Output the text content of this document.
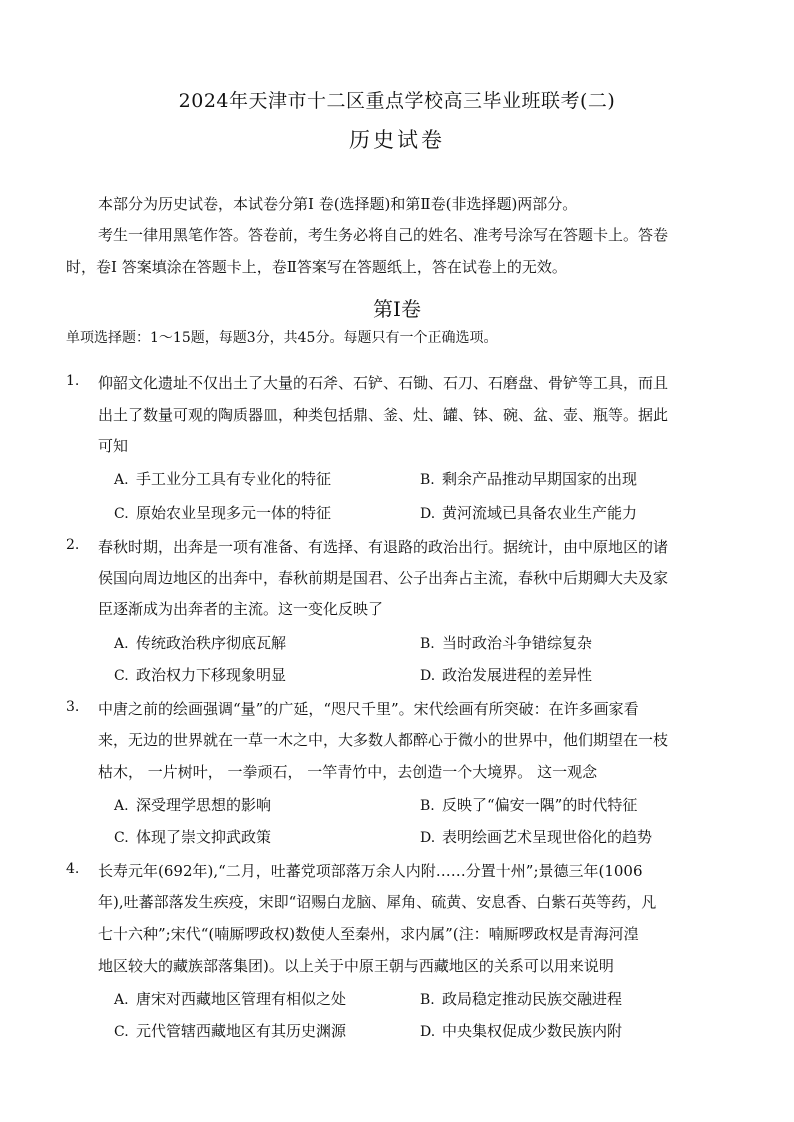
2024年天津市十二区重点学校高三毕业班联考(二)
历史试卷
本部分为历史试卷，本试卷分第Ⅰ 卷(选择题)和第Ⅱ卷(非选择题)两部分。
考生一律用黑笔作答。答卷前，考生务必将自己的姓名、准考号涂写在答题卡上。答卷
时，卷Ⅰ 答案填涂在答题卡上，卷Ⅱ答案写在答题纸上，答在试卷上的无效。
第Ⅰ卷
单项选择题：1～15题，每题3分，共45分。每题只有一个正确选项。
1. 仰韶文化遗址不仅出土了大量的石斧、石铲、石锄、石刀、石磨盘、骨铲等工具，而且
出土了数量可观的陶质器皿，种类包括鼎、釜、灶、罐、钵、碗、盆、壶、瓶等。据此
可知
A. 手工业分工具有专业化的特征	B. 剩余产品推动早期国家的出现
C. 原始农业呈现多元一体的特征	D. 黄河流域已具备农业生产能力
2. 春秋时期，出奔是一项有准备、有选择、有退路的政治出行。据统计，由中原地区的诸
侯国向周边地区的出奔中，春秋前期是国君、公子出奔占主流，春秋中后期卿大夫及家
臣逐渐成为出奔者的主流。这一变化反映了
A. 传统政治秩序彻底瓦解	B. 当时政治斗争错综复杂
C. 政治权力下移现象明显	D. 政治发展进程的差异性
3. 中唐之前的绘画强调“量”的广延，“咫尺千里”。宋代绘画有所突破：在许多画家看
来，无边的世界就在一草一木之中，大多数人都醉心于微小的世界中，他们期望在一枝
枯木， 一片树叶， 一拳顽石， 一竿青竹中，去创造一个大境界。 这一观念
A. 深受理学思想的影响	B. 反映了“偏安一隅”的时代特征
C. 体现了崇文抑武政策	D. 表明绘画艺术呈现世俗化的趋势
4. 长寿元年(692年),“二月，吐蕃党项部落万余人内附……分置十州”;景德三年(1006
年),吐蕃部落发生疾疫，宋即“诏赐白龙脑、犀角、硫黄、安息香、白紫石英等药，凡
七十六种”;宋代“(喃厮啰政权)数使人至秦州，求内属”(注：喃厮啰政权是青海河湟
地区较大的藏族部落集团)。以上关于中原王朝与西藏地区的关系可以用来说明
A. 唐宋对西藏地区管理有相似之处	B. 政局稳定推动民族交融进程
C. 元代管辖西藏地区有其历史渊源	D. 中央集权促成少数民族内附
